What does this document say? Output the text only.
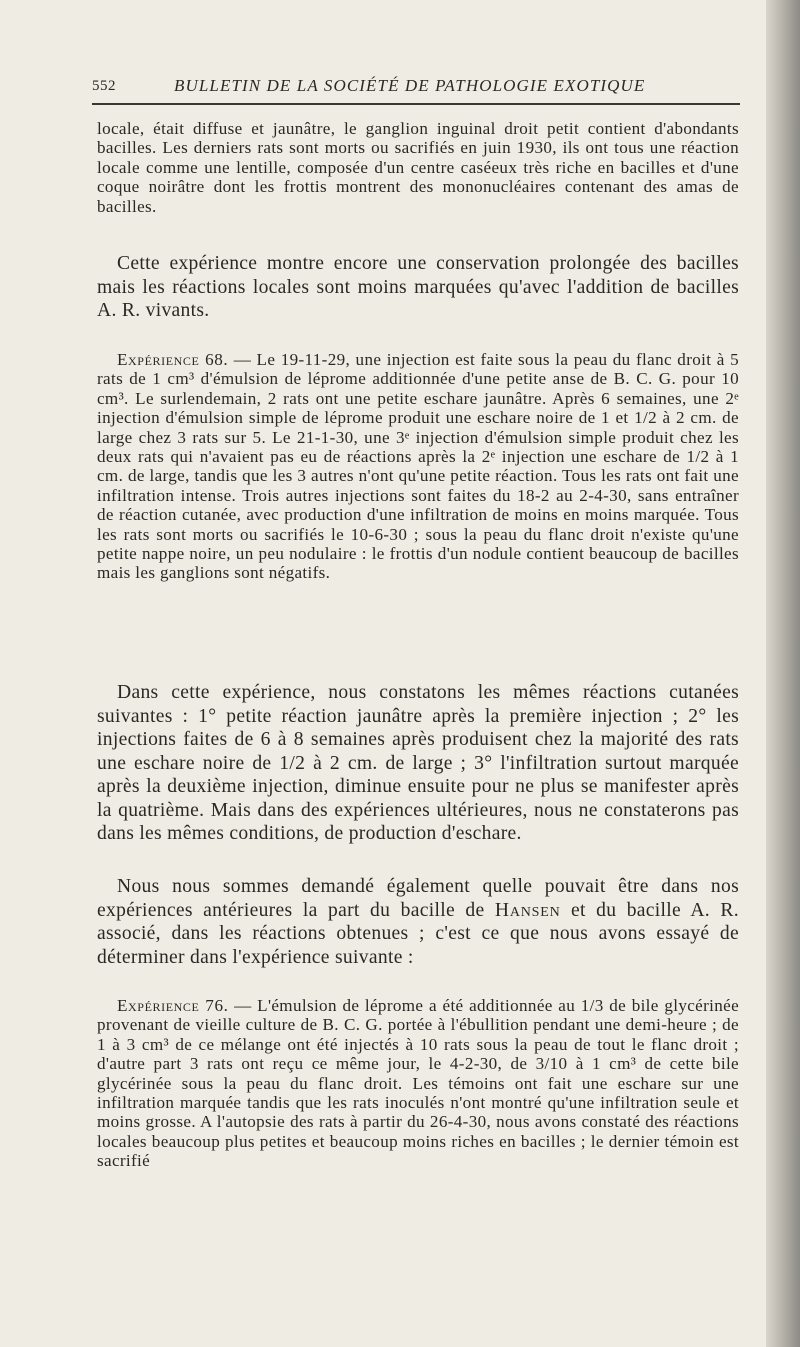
552	BULLETIN DE LA SOCIÉTÉ DE PATHOLOGIE EXOTIQUE

locale, était diffuse et jaunâtre, le ganglion inguinal droit petit contient d'abondants bacilles. Les derniers rats sont morts ou sacrifiés en juin 1930, ils ont tous une réaction locale comme une lentille, composée d'un centre caséeux très riche en bacilles et d'une coque noirâtre dont les frottis montrent des mononucléaires contenant des amas de bacilles.

Cette expérience montre encore une conservation prolongée des bacilles mais les réactions locales sont moins marquées qu'avec l'addition de bacilles A. R. vivants.

Expérience 68. — Le 19-11-29, une injection est faite sous la peau du flanc droit à 5 rats de 1 cm³ d'émulsion de léprome additionnée d'une petite anse de B. C. G. pour 10 cm³. Le surlendemain, 2 rats ont une petite eschare jaunâtre. Après 6 semaines, une 2ᵉ injection d'émulsion simple de léprome produit une eschare noire de 1 et 1/2 à 2 cm. de large chez 3 rats sur 5. Le 21-1-30, une 3ᵉ injection d'émulsion simple produit chez les deux rats qui n'avaient pas eu de réactions après la 2ᵉ injection une eschare de 1/2 à 1 cm. de large, tandis que les 3 autres n'ont qu'une petite réaction. Tous les rats ont fait une infiltration intense. Trois autres injections sont faites du 18-2 au 2-4-30, sans entraîner de réaction cutanée, avec production d'une infiltration de moins en moins marquée. Tous les rats sont morts ou sacrifiés le 10-6-30 ; sous la peau du flanc droit n'existe qu'une petite nappe noire, un peu nodulaire : le frottis d'un nodule contient beaucoup de bacilles mais les ganglions sont négatifs.

Dans cette expérience, nous constatons les mêmes réactions cutanées suivantes : 1° petite réaction jaunâtre après la première injection ; 2° les injections faites de 6 à 8 semaines après produisent chez la majorité des rats une eschare noire de 1/2 à 2 cm. de large ; 3° l'infiltration surtout marquée après la deuxième injection, diminue ensuite pour ne plus se manifester après la quatrième. Mais dans des expériences ultérieures, nous ne constaterons pas dans les mêmes conditions, de production d'eschare.

Nous nous sommes demandé également quelle pouvait être dans nos expériences antérieures la part du bacille de Hansen et du bacille A. R. associé, dans les réactions obtenues ; c'est ce que nous avons essayé de déterminer dans l'expérience suivante :

Expérience 76. — L'émulsion de léprome a été additionnée au 1/3 de bile glycérinée provenant de vieille culture de B. C. G. portée à l'ébullition pendant une demi-heure ; de 1 à 3 cm³ de ce mélange ont été injectés à 10 rats sous la peau de tout le flanc droit ; d'autre part 3 rats ont reçu ce même jour, le 4-2-30, de 3/10 à 1 cm³ de cette bile glycérinée sous la peau du flanc droit. Les témoins ont fait une eschare sur une infiltration marquée tandis que les rats inoculés n'ont montré qu'une infiltration seule et moins grosse. A l'autopsie des rats à partir du 26-4-30, nous avons constaté des réactions locales beaucoup plus petites et beaucoup moins riches en bacilles ; le dernier témoin est sacrifié
